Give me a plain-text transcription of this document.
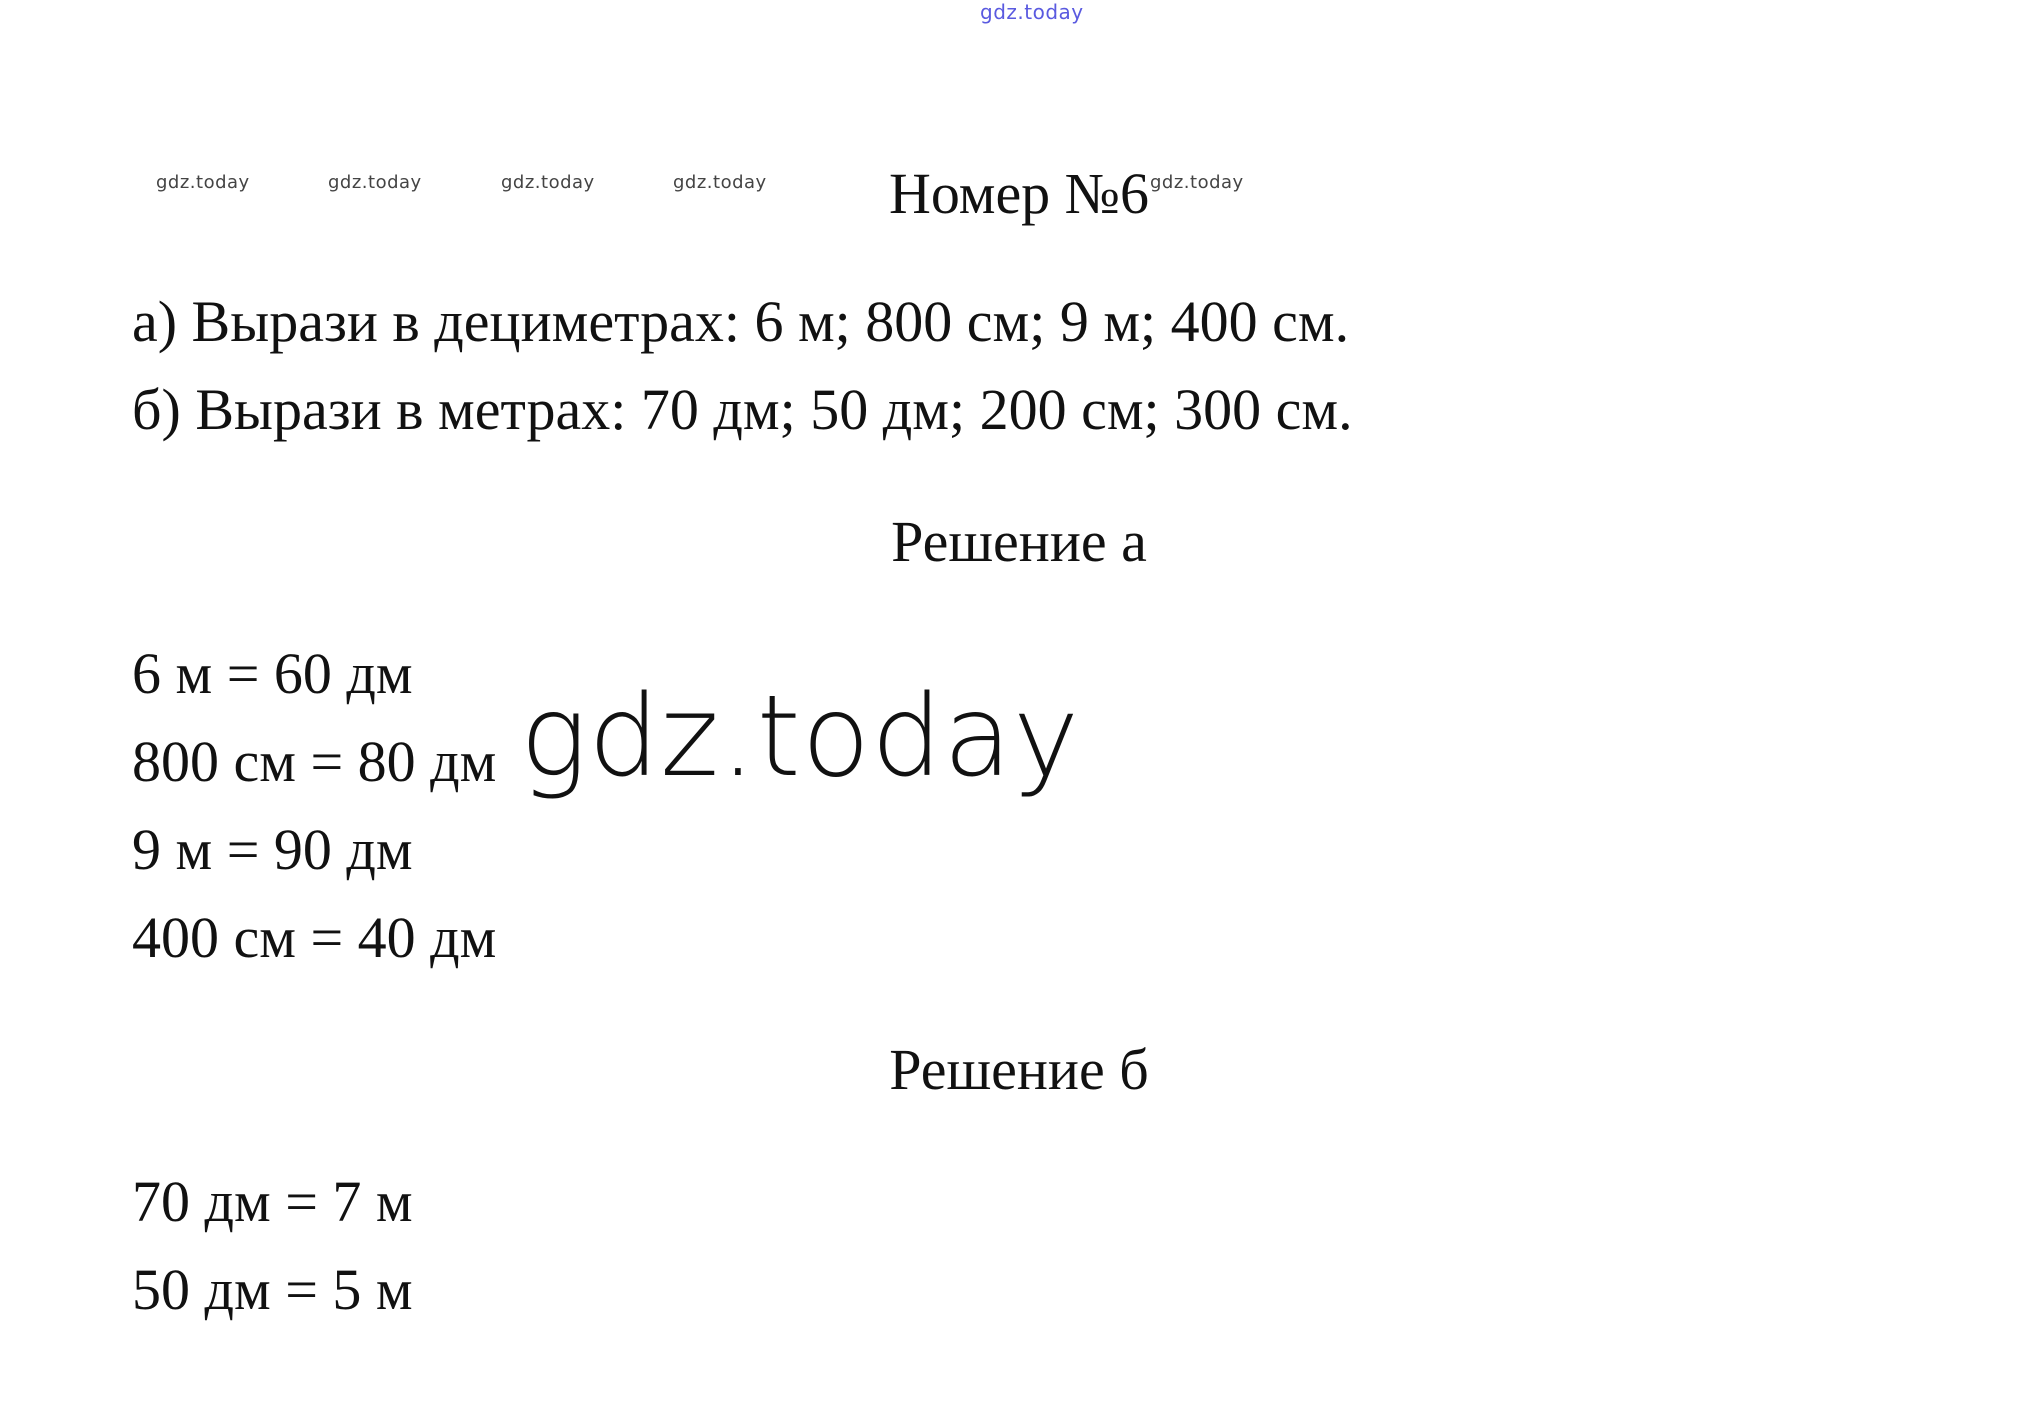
gdz.today
gdz.today	gdz.today	gdz.today	gdz.today	gdz.today
Номер №6
а) Вырази в дециметрах: 6 м; 800 см; 9 м; 400 см.
б) Вырази в метрах: 70 дм; 50 дм; 200 см; 300 см.
Решение а
6 м = 60 дм
800 см = 80 дм
9 м = 90 дм
400 см = 40 дм
Решение б
70 дм = 7 м
50 дм = 5 м
gdz.today
